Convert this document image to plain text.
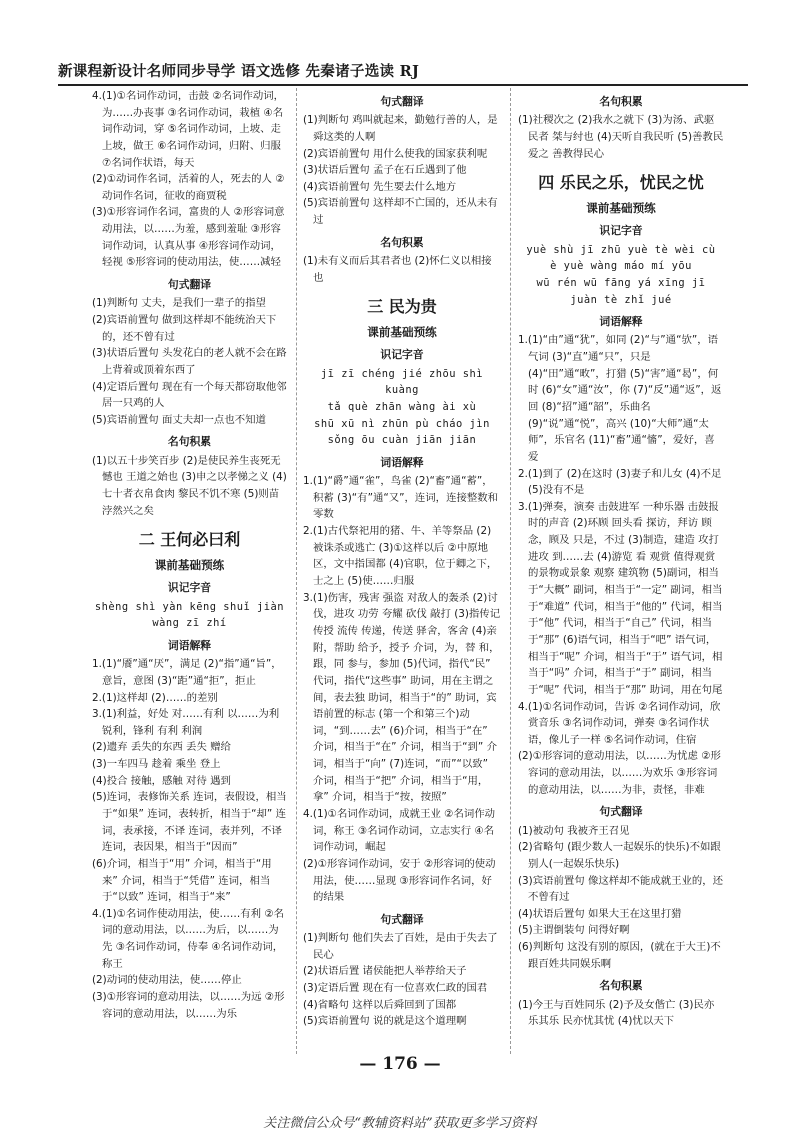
新课程新设计名师同步导学 语文选修 先秦诸子选读 RJ
4.(1)①名词作动词，击鼓 ②名词作动词，为……办丧事 ③名词作动词，栽植 ④名词作动词，穿 ⑤名词作动词，上坡、走上坡，做王 ⑥名词作动词，归附、归服 ⑦名词作状语，每天
(2)①动词作名词，活着的人，死去的人 ②动词作名词，征收的商贾税
(3)①形容词作名词，富贵的人 ②形容词意动用法，以……为羞，感到羞耻 ③形容词作动词，认真从事 ④形容词作动词，轻视 ⑤形容词的使动用法，使……减轻
句式翻译
(1)判断句 丈夫，是我们一辈子的指望
(2)宾语前置句 做到这样却不能统治天下的，还不曾有过
(3)状语后置句 头发花白的老人就不会在路上背着或顶着东西了
(4)定语后置句 现在有一个每天都窃取他邻居一只鸡的人
(5)宾语前置句 面丈夫却一点也不知道
名句积累
(1)以五十步笑百步 (2)是使民养生丧死无憾也 王道之始也 (3)申之以孝悌之义 (4)七十者衣帛食肉 黎民不饥不寒 (5)则苗浡然兴之矣
二 王何必曰利
课前基础预练
识记字音
shèng shì yàn kēng shuǐ jiàn
wàng zī zhí
词语解释
1.(1)“餍”通“厌”，满足 (2)“指”通“旨”，意旨，意图 (3)“距”通“拒”，拒止
2.(1)这样却 (2)……的差别
3.(1)利益，好处 对……有利 以……为利 锐利，锋利 有利 利润
(2)遗弃 丢失的东西 丢失 赠给
(3)一车四马 趁着 乘坐 登上
(4)投合 接触，感触 对待 遇到
(5)连词，表修饰关系 连词，表假设，相当于“如果” 连词，表转折，相当于“却” 连词，表承接，不译 连词，表并列，不译 连词，表因果，相当于“因而”
(6)介词，相当于“用” 介词，相当于“用来” 介词，相当于“凭借” 连词，相当于“以致” 连词，相当于“来”
4.(1)①名词作使动用法，使……有利 ②名词的意动用法，以……为后，以……为先 ③名词作动词，侍奉 ④名词作动词，称王
(2)动词的使动用法，使……停止
(3)①形容词的意动用法，以……为远 ②形容词的意动用法，以……为乐
句式翻译
(1)判断句 鸡叫就起来，勤勉行善的人，是舜这类的人啊
(2)宾语前置句 用什么使我的国家获利呢
(3)状语后置句 孟子在石丘遇到了他
(4)宾语前置句 先生要去什么地方
(5)宾语前置句 这样却不亡国的，还从未有过
名句积累
(1)未有义而后其君者也 (2)怀仁义以相接也
三 民为贵
课前基础预练
识记字音
jī zī chéng jié zhōu shì kuàng
tǎ què zhān wàng ài xù
shū xū nì zhūn pù cháo jìn
sǒng ōu cuàn jiān jiān
词语解释
1.(1)“爵”通“雀”，鸟雀 (2)“畜”通“蓄”，积蓄 (3)“有”通“又”，连词，连接整数和零数
2.(1)古代祭祀用的猪、牛、羊等祭品 (2)被诛杀或逃亡 (3)①这样以后 ②中原地区，文中指国都 (4)官职，位于卿之下，士之上 (5)使……归服
3.(1)伤害，残害 强盗 对敌人的轰杀 (2)讨伐，进攻 功劳 夸耀 砍伐 敲打 (3)指传记 传授 流传 传递，传送 驿舍，客舍 (4)亲附，帮助 给予，授予 介词，为，替 和，跟，同 参与，参加 (5)代词，指代“民” 代词，指代“这些事” 助词，用在主谓之间，表去独 助词，相当于“的” 助词，宾语前置的标志 (第一个和第三个)动词，“到……去” (6)介词，相当于“在” 介词，相当于“在” 介词，相当于“到” 介词，相当于“向” (7)连词，“而”“以致” 介词，相当于“把” 介词，相当于“用，拿” 介词，相当于“按，按照”
4.(1)①名词作动词，成就王业 ②名词作动词，称王 ③名词作动词，立志实行 ④名词作动词，崛起
(2)①形容词作动词，安于 ②形容词的使动用法，使……显现 ③形容词作名词，好的结果
句式翻译
(1)判断句 他们失去了百姓，是由于失去了民心
(2)状语后置 诸侯能把人举荐给天子
(3)定语后置 现在有一位喜欢仁政的国君
(4)省略句 这样以后舜回到了国都
(5)宾语前置句 说的就是这个道理啊
名句积累
(1)社稷次之 (2)我水之就下 (3)为汤、武驱民者 桀与纣也 (4)天听自我民听 (5)善教民爱之 善教得民心
四 乐民之乐，忧民之忧
课前基础预练
识记字音
yuè shù jī zhū yuè tè wèi cù
è yuè wàng máo mí yōu
wū rén wū fāng yá xīng jī
juàn tè zhǐ jué
词语解释
1.(1)“由”通“犹”，如同 (2)“与”通“欤”，语气词 (3)“直”通“只”，只是 (4)“田”通“畋”，打猎 (5)“害”通“曷”，何时 (6)“女”通“汝”，你 (7)“反”通“返”，返回 (8)“招”通“韶”，乐曲名 (9)“说”通“悦”，高兴 (10)“大师”通“太师”，乐官名 (11)“畜”通“慉”，爱好，喜爱
2.(1)到了 (2)在这时 (3)妻子和儿女 (4)不足 (5)没有不是
3.(1)弹奏，演奏 击鼓进军 一种乐器 击鼓报时的声音 (2)环顾 回头看 探访，拜访 顾念，顾及 只是，不过 (3)制造，建造 攻打 进攻 到……去 (4)游览 看 观赏 值得观赏的景物或景象 观察 建筑物 (5)副词，相当于“大概” 副词，相当于“一定” 副词，相当于“难道” 代词，相当于“他的” 代词，相当于“他” 代词，相当于“自己” 代词，相当于“那” (6)语气词，相当于“吧” 语气词，相当于“呢” 介词，相当于“于” 语气词，相当于“吗” 介词，相当于“于” 副词，相当于“呢” 代词，相当于“那” 助词，用在句尾
4.(1)①名词作动词，告诉 ②名词作动词，欣赏音乐 ③名词作动词，弹奏 ③名词作状语，像儿子一样 ⑤名词作动词，住宿
(2)①形容词的意动用法，以……为忧虑 ②形容词的意动用法，以……为欢乐 ③形容词的意动用法，以……为非，责怪，非难
句式翻译
(1)被动句 我被齐王召见
(2)省略句 (跟少数人一起娱乐的快乐)不如跟别人(一起娱乐快乐)
(3)宾语前置句 像这样却不能成就王业的，还不曾有过
(4)状语后置句 如果大王在这里打猎
(5)主谓倒装句 问得好啊
(6)判断句 这没有别的原因，(就在于大王)不跟百姓共同娱乐啊
名句积累
(1)今王与百姓同乐 (2)予及女偕亡 (3)民亦乐其乐 民亦忧其忧 (4)忧以天下
— 176 —
关注微信公众号“教辅资料站”获取更多学习资料
